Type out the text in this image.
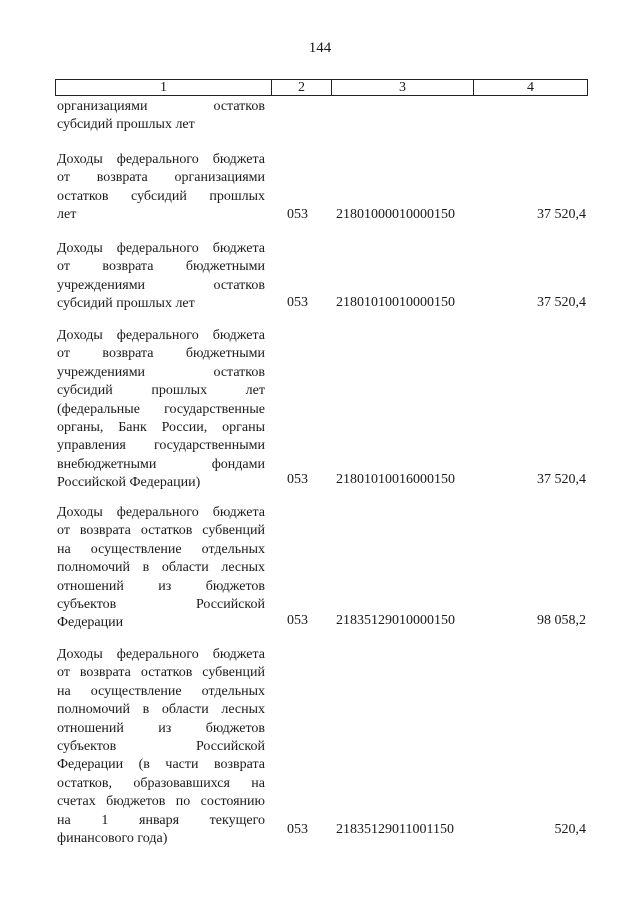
144
1	2	3	4
организациями остатков
субсидий прошлых лет
Доходы федерального бюджета
от возврата организациями
остатков субсидий прошлых
лет	053	21801000010000150	37 520,4
Доходы федерального бюджета
от возврата бюджетными
учреждениями остатков
субсидий прошлых лет	053	21801010010000150	37 520,4
Доходы федерального бюджета
от возврата бюджетными
учреждениями остатков
субсидий прошлых лет
(федеральные государственные
органы, Банк России, органы
управления государственными
внебюджетными фондами
Российской Федерации)	053	21801010016000150	37 520,4
Доходы федерального бюджета
от возврата остатков субвенций
на осуществление отдельных
полномочий в области лесных
отношений из бюджетов
субъектов Российской
Федерации	053	21835129010000150	98 058,2
Доходы федерального бюджета
от возврата остатков субвенций
на осуществление отдельных
полномочий в области лесных
отношений из бюджетов
субъектов Российской
Федерации (в части возврата
остатков, образовавшихся на
счетах бюджетов по состоянию
на 1 января текущего
финансового года)
053	21835129011001150	520,4
